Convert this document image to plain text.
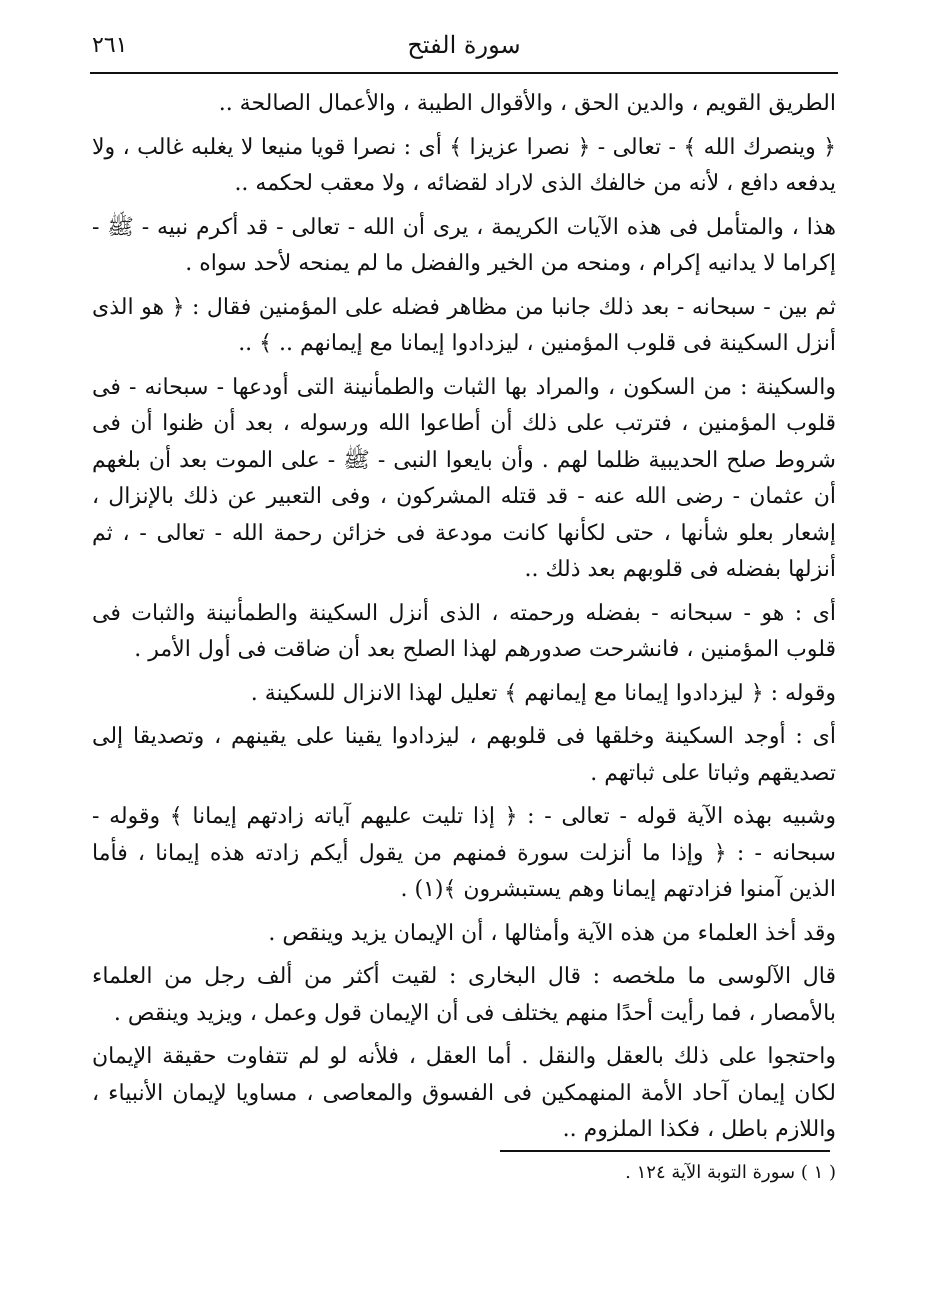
٢٦١	سورة الفتح

الطريق القويم ، والدين الحق ، والأقوال الطيبة ، والأعمال الصالحة ..

﴿ وينصرك الله ﴾ - تعالى - ﴿ نصرا عزيزا ﴾ أى : نصرا قويا منيعا لا يغلبه غالب ، ولا يدفعه دافع ، لأنه من خالفك الذى لاراد لقضائه ، ولا معقب لحكمه ..

هذا ، والمتأمل فى هذه الآيات الكريمة ، يرى أن الله - تعالى - قد أكرم نبيه - ﷺ - إكراما لا يدانيه إكرام ، ومنحه من الخير والفضل ما لم يمنحه لأحد سواه .

ثم بين - سبحانه - بعد ذلك جانبا من مظاهر فضله على المؤمنين فقال : ﴿ هو الذى أنزل السكينة فى قلوب المؤمنين ، ليزدادوا إيمانا مع إيمانهم .. ﴾ ..

والسكينة : من السكون ، والمراد بها الثبات والطمأنينة التى أودعها - سبحانه - فى قلوب المؤمنين ، فترتب على ذلك أن أطاعوا الله ورسوله ، بعد أن ظنوا أن فى شروط صلح الحديبية ظلما لهم . وأن بايعوا النبى - ﷺ - على الموت بعد أن بلغهم أن عثمان - رضى الله عنه - قد قتله المشركون ، وفى التعبير عن ذلك بالإنزال ، إشعار بعلو شأنها ، حتى لكأنها كانت مودعة فى خزائن رحمة الله - تعالى - ، ثم أنزلها بفضله فى قلوبهم بعد ذلك ..

أى : هو - سبحانه - بفضله ورحمته ، الذى أنزل السكينة والطمأنينة والثبات فى قلوب المؤمنين ، فانشرحت صدورهم لهذا الصلح بعد أن ضاقت فى أول الأمر .

وقوله : ﴿ ليزدادوا إيمانا مع إيمانهم ﴾ تعليل لهذا الانزال للسكينة .

أى : أوجد السكينة وخلقها فى قلوبهم ، ليزدادوا يقينا على يقينهم ، وتصديقا إلى تصديقهم وثباتا على ثباتهم .

وشبيه بهذه الآية قوله - تعالى - : ﴿ إذا تليت عليهم آياته زادتهم إيمانا ﴾ وقوله - سبحانه - : ﴿ وإذا ما أنزلت سورة فمنهم من يقول أيكم زادته هذه إيمانا ، فأما الذين آمنوا فزادتهم إيمانا وهم يستبشرون ﴾(١) .

وقد أخذ العلماء من هذه الآية وأمثالها ، أن الإيمان يزيد وينقص .

قال الآلوسى ما ملخصه : قال البخارى : لقيت أكثر من ألف رجل من العلماء بالأمصار ، فما رأيت أحدًا منهم يختلف فى أن الإيمان قول وعمل ، ويزيد وينقص .

واحتجوا على ذلك بالعقل والنقل . أما العقل ، فلأنه لو لم تتفاوت حقيقة الإيمان لكان إيمان آحاد الأمة المنهمكين فى الفسوق والمعاصى ، مساويا لإيمان الأنبياء ، واللازم باطل ، فكذا الملزوم ..

( ١ ) سورة التوبة الآية ١٢٤ .
